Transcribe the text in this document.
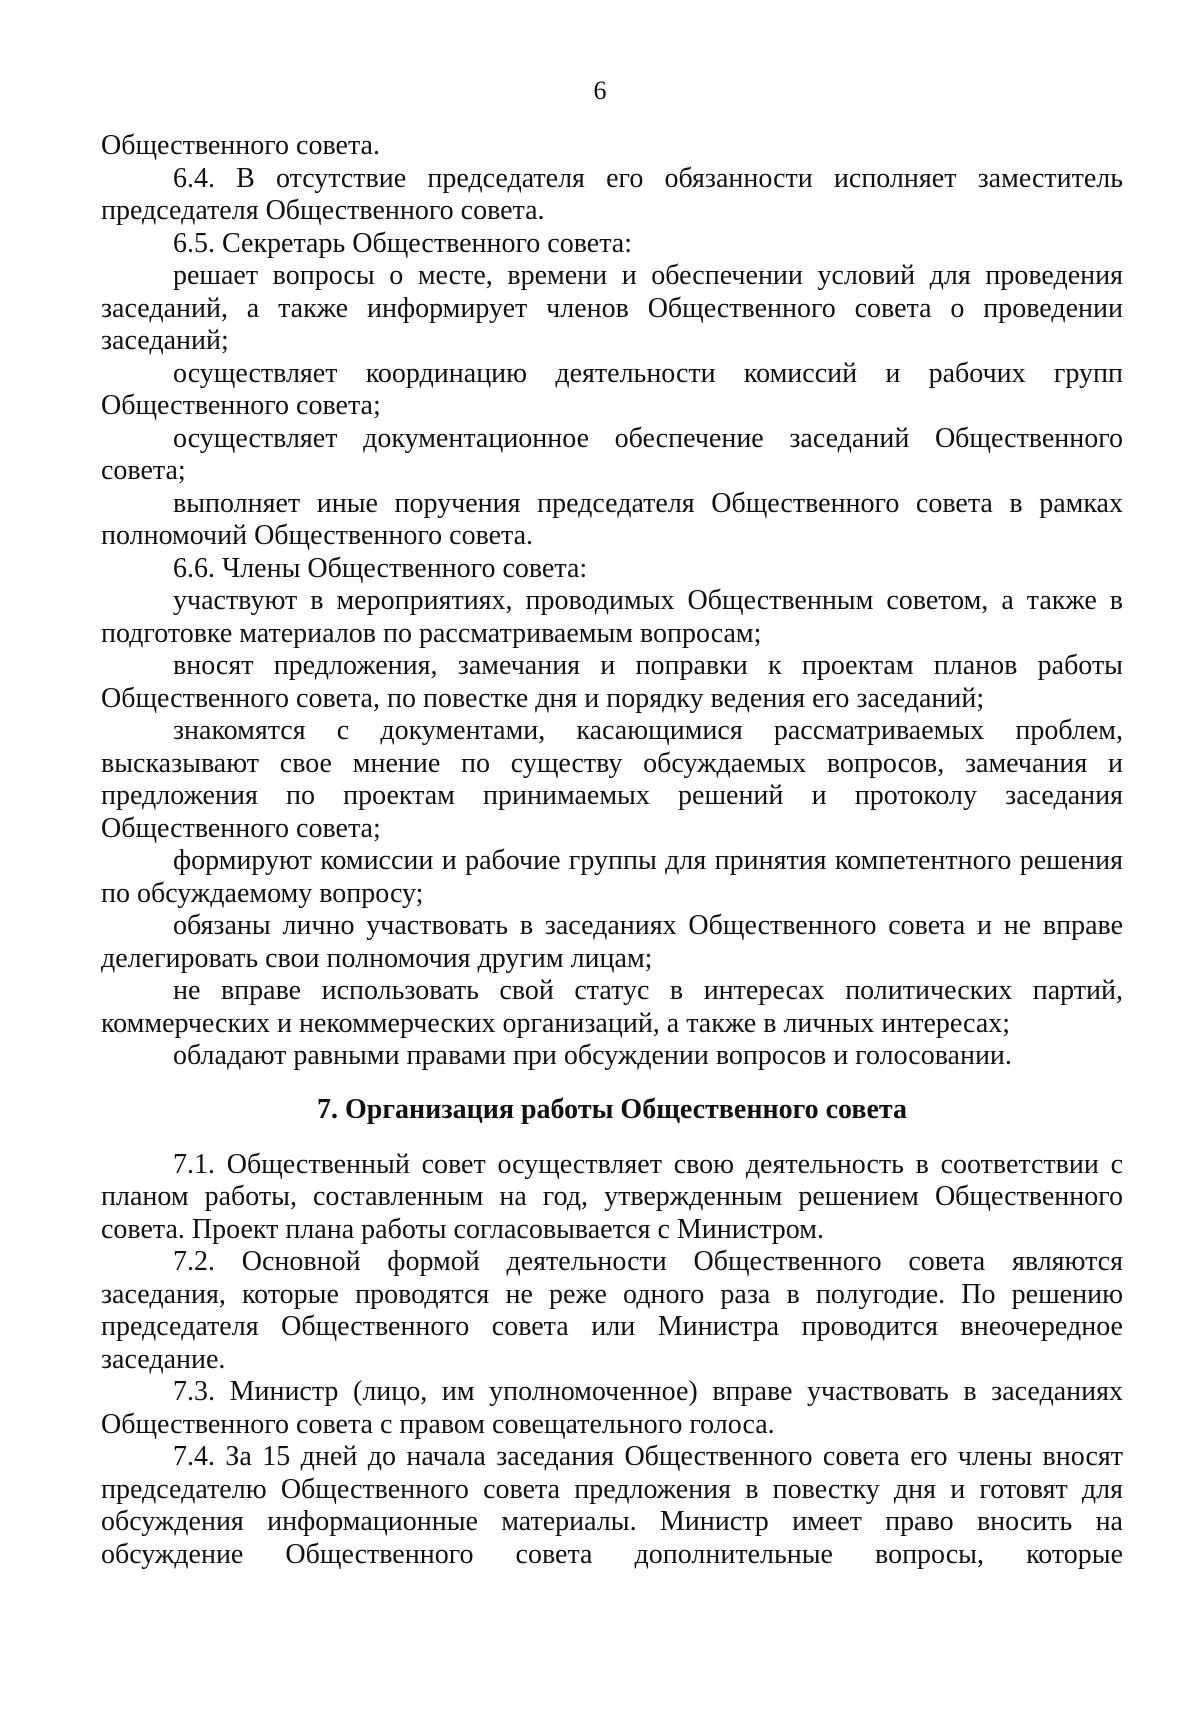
6

Общественного совета.

6.4. В отсутствие председателя его обязанности исполняет заместитель председателя Общественного совета.

6.5. Секретарь Общественного совета:

решает вопросы о месте, времени и обеспечении условий для проведения заседаний, а также информирует членов Общественного совета о проведении заседаний;

осуществляет координацию деятельности комиссий и рабочих групп Общественного совета;

осуществляет документационное обеспечение заседаний Общественного совета;

выполняет иные поручения председателя Общественного совета в рамках полномочий Общественного совета.

6.6. Члены Общественного совета:

участвуют в мероприятиях, проводимых Общественным советом, а также в подготовке материалов по рассматриваемым вопросам;

вносят предложения, замечания и поправки к проектам планов работы Общественного совета, по повестке дня и порядку ведения его заседаний;

знакомятся с документами, касающимися рассматриваемых проблем, высказывают свое мнение по существу обсуждаемых вопросов, замечания и предложения по проектам принимаемых решений и протоколу заседания Общественного совета;

формируют комиссии и рабочие группы для принятия компетентного решения по обсуждаемому вопросу;

обязаны лично участвовать в заседаниях Общественного совета и не вправе делегировать свои полномочия другим лицам;

не вправе использовать свой статус в интересах политических партий, коммерческих и некоммерческих организаций, а также в личных интересах;

обладают равными правами при обсуждении вопросов и голосовании.

7. Организация работы Общественного совета

7.1. Общественный совет осуществляет свою деятельность в соответствии с планом работы, составленным на год, утвержденным решением Общественного совета. Проект плана работы согласовывается с Министром.

7.2. Основной формой деятельности Общественного совета являются заседания, которые проводятся не реже одного раза в полугодие. По решению председателя Общественного совета или Министра проводится внеочередное заседание.

7.3. Министр (лицо, им уполномоченное) вправе участвовать в заседаниях Общественного совета с правом совещательного голоса.

7.4. За 15 дней до начала заседания Общественного совета его члены вносят председателю Общественного совета предложения в повестку дня и готовят для обсуждения информационные материалы. Министр имеет право вносить на обсуждение Общественного совета дополнительные вопросы, которые
